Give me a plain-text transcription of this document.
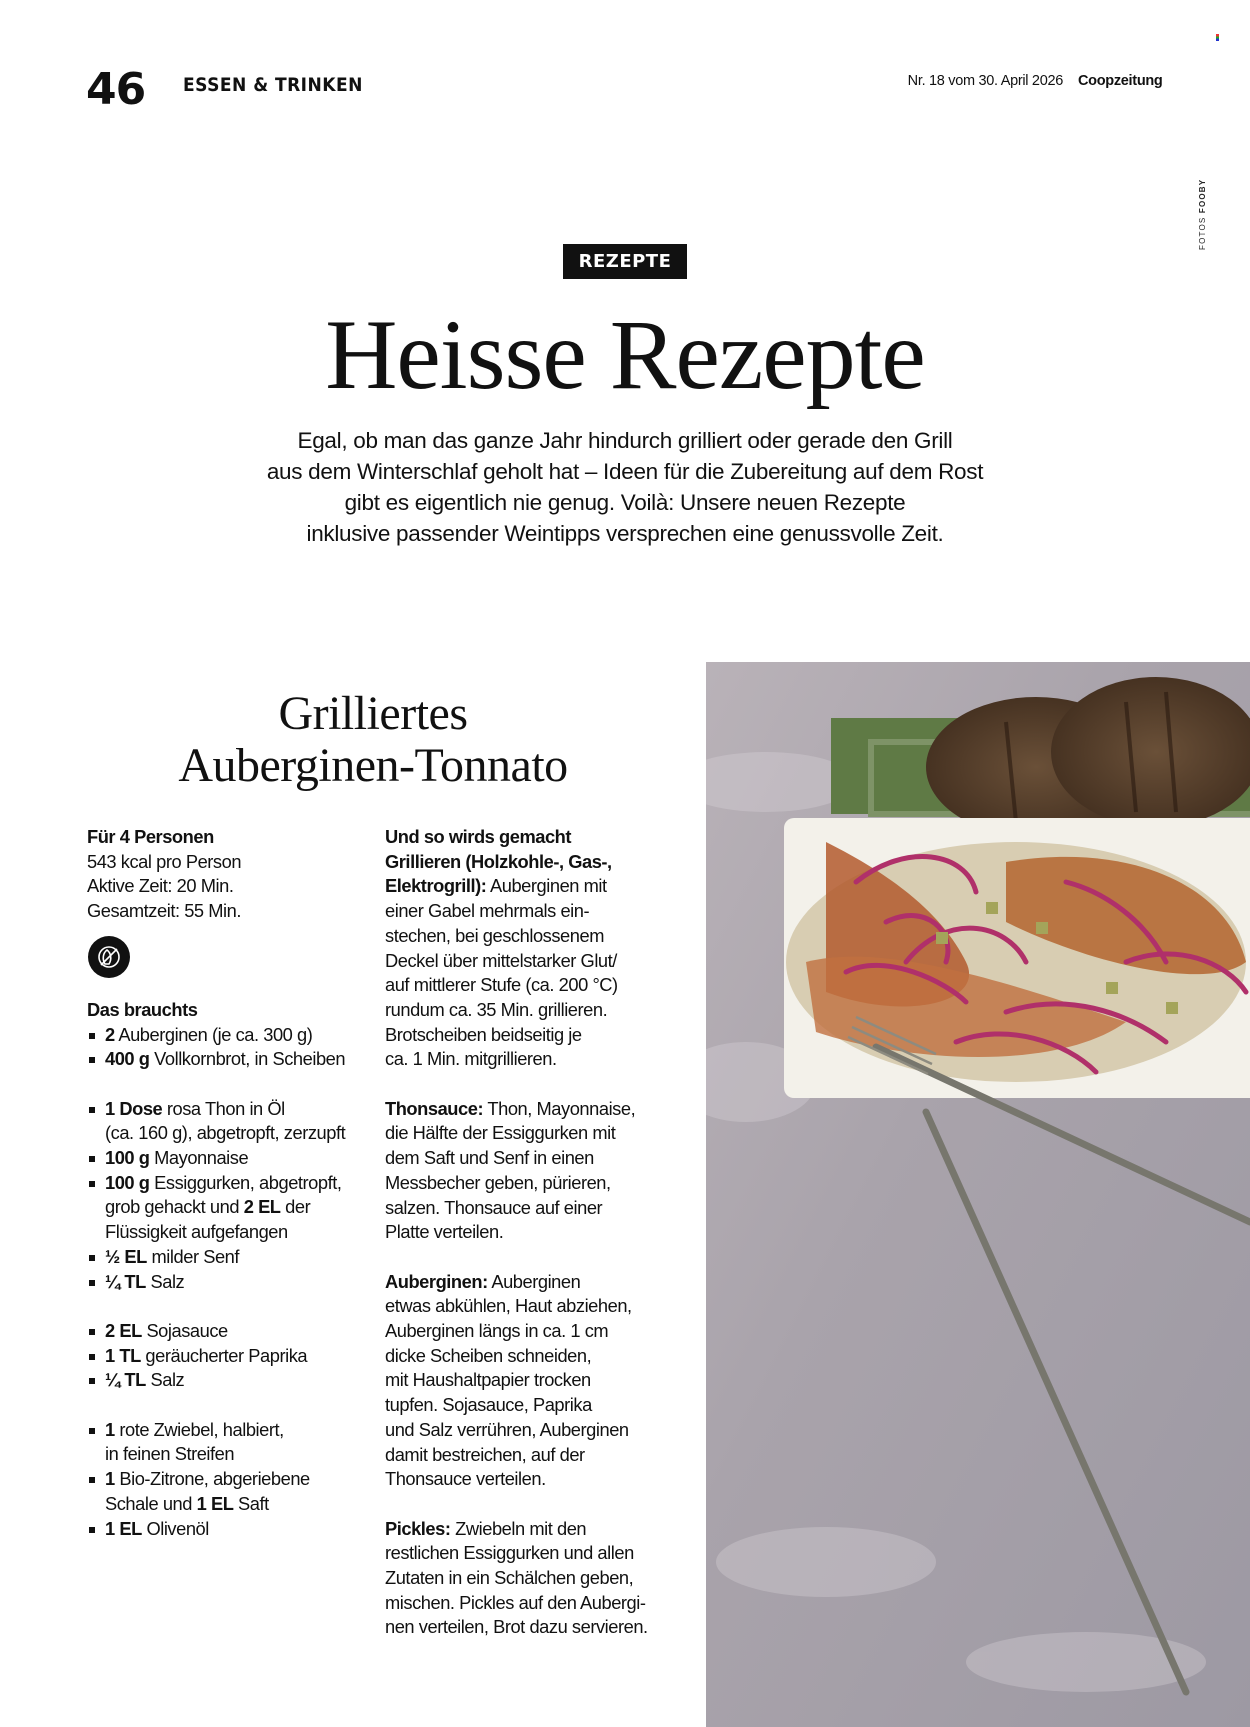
46 ESSEN & TRINKEN	Nr. 18 vom 30. April 2026 Coopzeitung
FOTOS FOOBY
REZEPTE
Heisse Rezepte
Egal, ob man das ganze Jahr hindurch grilliert oder gerade den Grill
aus dem Winterschlaf geholt hat – Ideen für die Zubereitung auf dem Rost
gibt es eigentlich nie genug. Voilà: Unsere neuen Rezepte
inklusive passender Weintipps versprechen eine genussvolle Zeit.
Grilliertes
Auberginen-Tonnato
Für 4 Personen
543 kcal pro Person
Aktive Zeit: 20 Min.
Gesamtzeit: 55 Min.
Das brauchts
2 Auberginen (je ca. 300 g)
400 g Vollkornbrot, in Scheiben
1 Dose rosa Thon in Öl
(ca. 160 g), abgetropft, zerzupft
100 g Mayonnaise
100 g Essiggurken, abgetropft,
grob gehackt und 2 EL der
Flüssigkeit aufgefangen
½ EL milder Senf
¼ TL Salz
2 EL Sojasauce
1 TL geräucherter Paprika
¼ TL Salz
1 rote Zwiebel, halbiert,
in feinen Streifen
1 Bio-Zitrone, abgeriebene
Schale und 1 EL Saft
1 EL Olivenöl
Und so wirds gemacht
Grillieren (Holzkohle-, Gas-,
Elektrogrill): Auberginen mit
einer Gabel mehrmals ein-
stechen, bei geschlossenem
Deckel über mittelstarker Glut/
auf mittlerer Stufe (ca. 200 °C)
rundum ca. 35 Min. grillieren.
Brotscheiben beidseitig je
ca. 1 Min. mitgrillieren.
Thonsauce: Thon, Mayonnaise,
die Hälfte der Essiggurken mit
dem Saft und Senf in einen
Messbecher geben, pürieren,
salzen. Thonsauce auf einer
Platte verteilen.
Auberginen: Auberginen
etwas abkühlen, Haut abziehen,
Auberginen längs in ca. 1 cm
dicke Scheiben schneiden,
mit Haushaltpapier trocken
tupfen. Sojasauce, Paprika
und Salz verrühren, Auberginen
damit bestreichen, auf der
Thonsauce verteilen.
Pickles: Zwiebeln mit den
restlichen Essiggurken und allen
Zutaten in ein Schälchen geben,
mischen. Pickles auf den Aubergi-
nen verteilen, Brot dazu servieren.
